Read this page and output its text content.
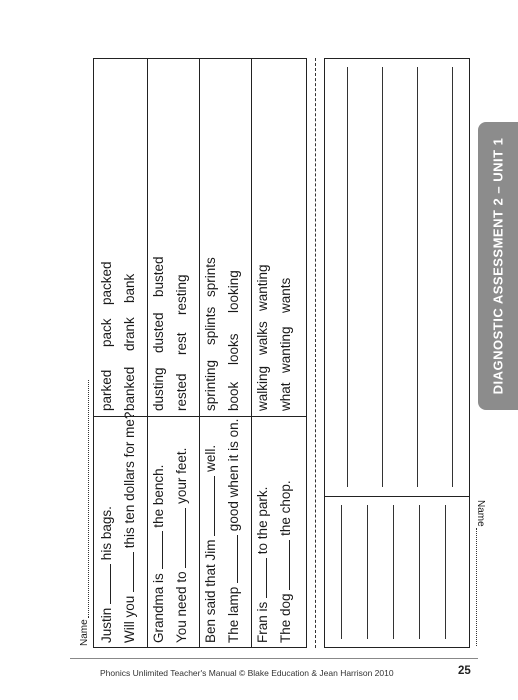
Name Justin  his bags.
Will you  this ten dollars for me?
parked
pack
packed
banked
drank
bank
Grandma is  the bench.
You need to  your feet.
dusting
dusted
busted
rested
rest
resting
Ben said that Jim  well.
The lamp  good when it is on.
sprinting
splints
sprints
book
looks
looking
Fran is  to the park.
The dog  the chop.
walking
walks
wanting
what
wanting
wants
Name
DIAGNOSTIC ASSESSMENT 2 – UNIT 1
Phonics Unlimited Teacher's Manual © Blake Education & Jean Harrison 2010	25
